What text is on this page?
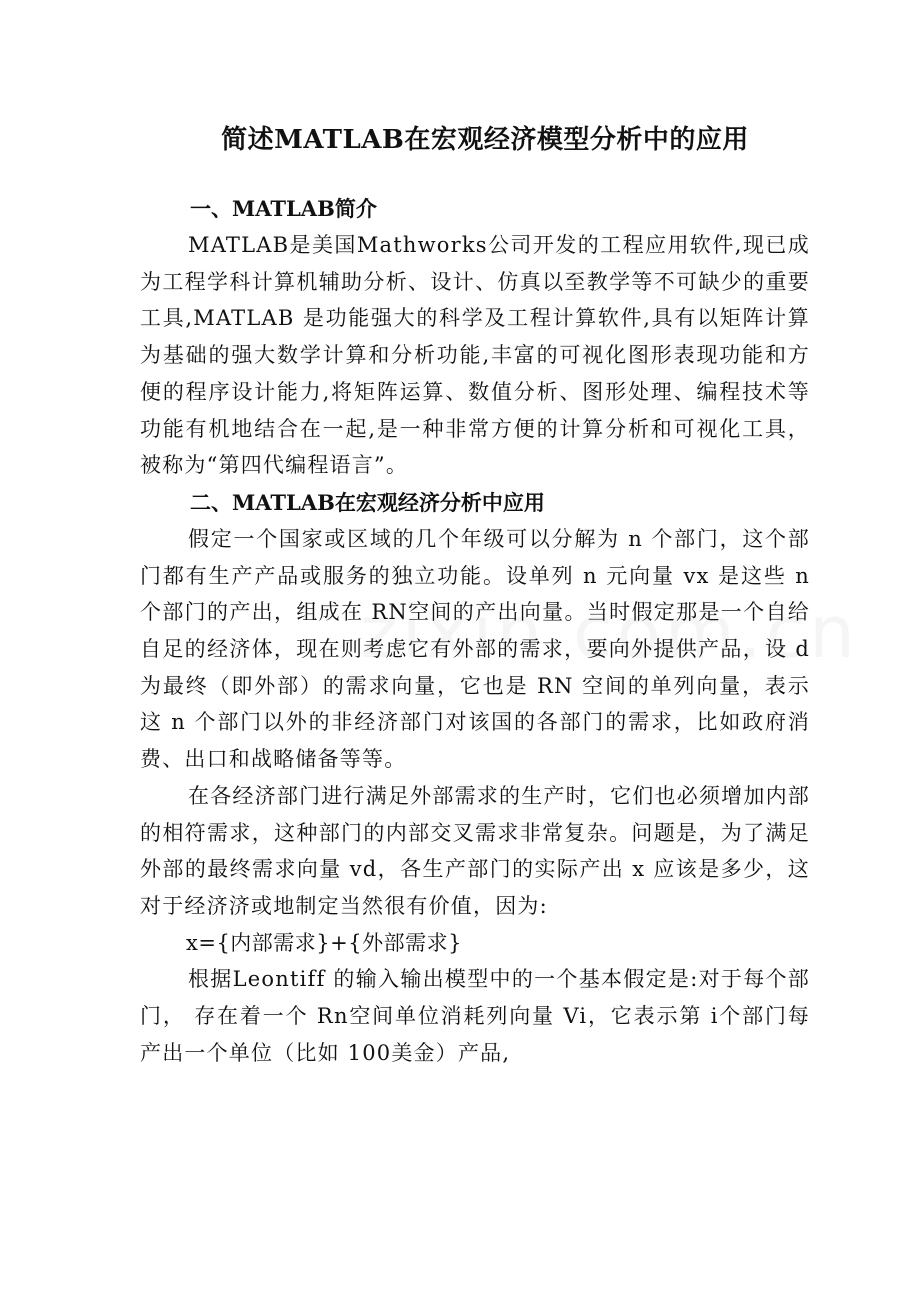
简述MATLAB在宏观经济模型分析中的应用
一、MATLAB简介

MATLAB是美国Mathworks公司开发的工程应用软件,现已成为工程学科计算机辅助分析、设计、仿真以至教学等不可缺少的重要工具,MATLAB 是功能强大的科学及工程计算软件,具有以矩阵计算为基础的强大数学计算和分析功能,丰富的可视化图形表现功能和方便的程序设计能力,将矩阵运算、数值分析、图形处理、编程技术等功能有机地结合在一起,是一种非常方便的计算分析和可视化工具，被称为“第四代编程语言”。

二、MATLAB在宏观经济分析中应用

假定一个国家或区域的几个年级可以分解为 n 个部门，这个部门都有生产产品或服务的独立功能。设单列 n 元向量 vx 是这些 n 个部门的产出，组成在 RN空间的产出向量。当时假定那是一个自给自足的经济体，现在则考虑它有外部的需求，要向外提供产品，设 d 为最终（即外部）的需求向量，它也是 RN 空间的单列向量，表示这 n 个部门以外的非经济部门对该国的各部门的需求，比如政府消费、出口和战略储备等等。

在各经济部门进行满足外部需求的生产时，它们也必须增加内部的相符需求，这种部门的内部交叉需求非常复杂。问题是，为了满足外部的最终需求向量 vd，各生产部门的实际产出 x 应该是多少，这对于经济济或地制定当然很有价值，因为:

x={内部需求}+{外部需求}

根据Leontiff 的输入输出模型中的一个基本假定是:对于每个部门， 存在着一个 Rn空间单位消耗列向量 Vi，它表示第 i个部门每产出一个单位（比如 100美金）产品,
